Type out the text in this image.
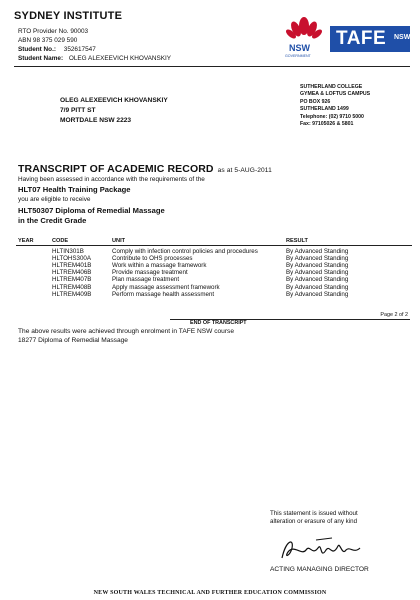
SYDNEY INSTITUTE
RTO Provider No. 90003
ABN 98 375 029 590
Student No.: 352617547
Student Name: OLEG ALEXEEVICH KHOVANSKIY
NSW
GOVERNMENT
TAFE NSW
OLEG ALEXEEVICH KHOVANSKIY
7/9 PITT ST
MORTDALE NSW 2223
SUTHERLAND COLLEGE
GYMEA & LOFTUS CAMPUS
PO BOX 926
SUTHERLAND 1499
Telephone: (02) 9710 5000
Fax: 97105026 & 5801
TRANSCRIPT OF ACADEMIC RECORD as at 5-AUG-2011
Having been assessed in accordance with the requirements of the
HLT07 Health Training Package
you are eligible to receive
HLT50307 Diploma of Remedial Massage
in the Credit Grade
YEAR	CODE	UNIT	RESULT

	HLTIN301B	Comply with infection control policies and procedures	By Advanced Standing
	HLTOHS300A	Contribute to OHS processes	By Advanced Standing
	HLTREM401B	Work within a massage framework	By Advanced Standing
	HLTREM406B	Provide massage treatment	By Advanced Standing
	HLTREM407B	Plan massage treatment	By Advanced Standing
	HLTREM408B	Apply massage assessment framework	By Advanced Standing
	HLTREM409B	Perform massage health assessment	By Advanced Standing
Page 2 of 2
END OF TRANSCRIPT
The above results were achieved through enrolment in TAFE NSW course
18277 Diploma of Remedial Massage
This statement is issued without
alteration or erasure of any kind
ACTING MANAGING DIRECTOR
NEW SOUTH WALES TECHNICAL AND FURTHER EDUCATION COMMISSION
